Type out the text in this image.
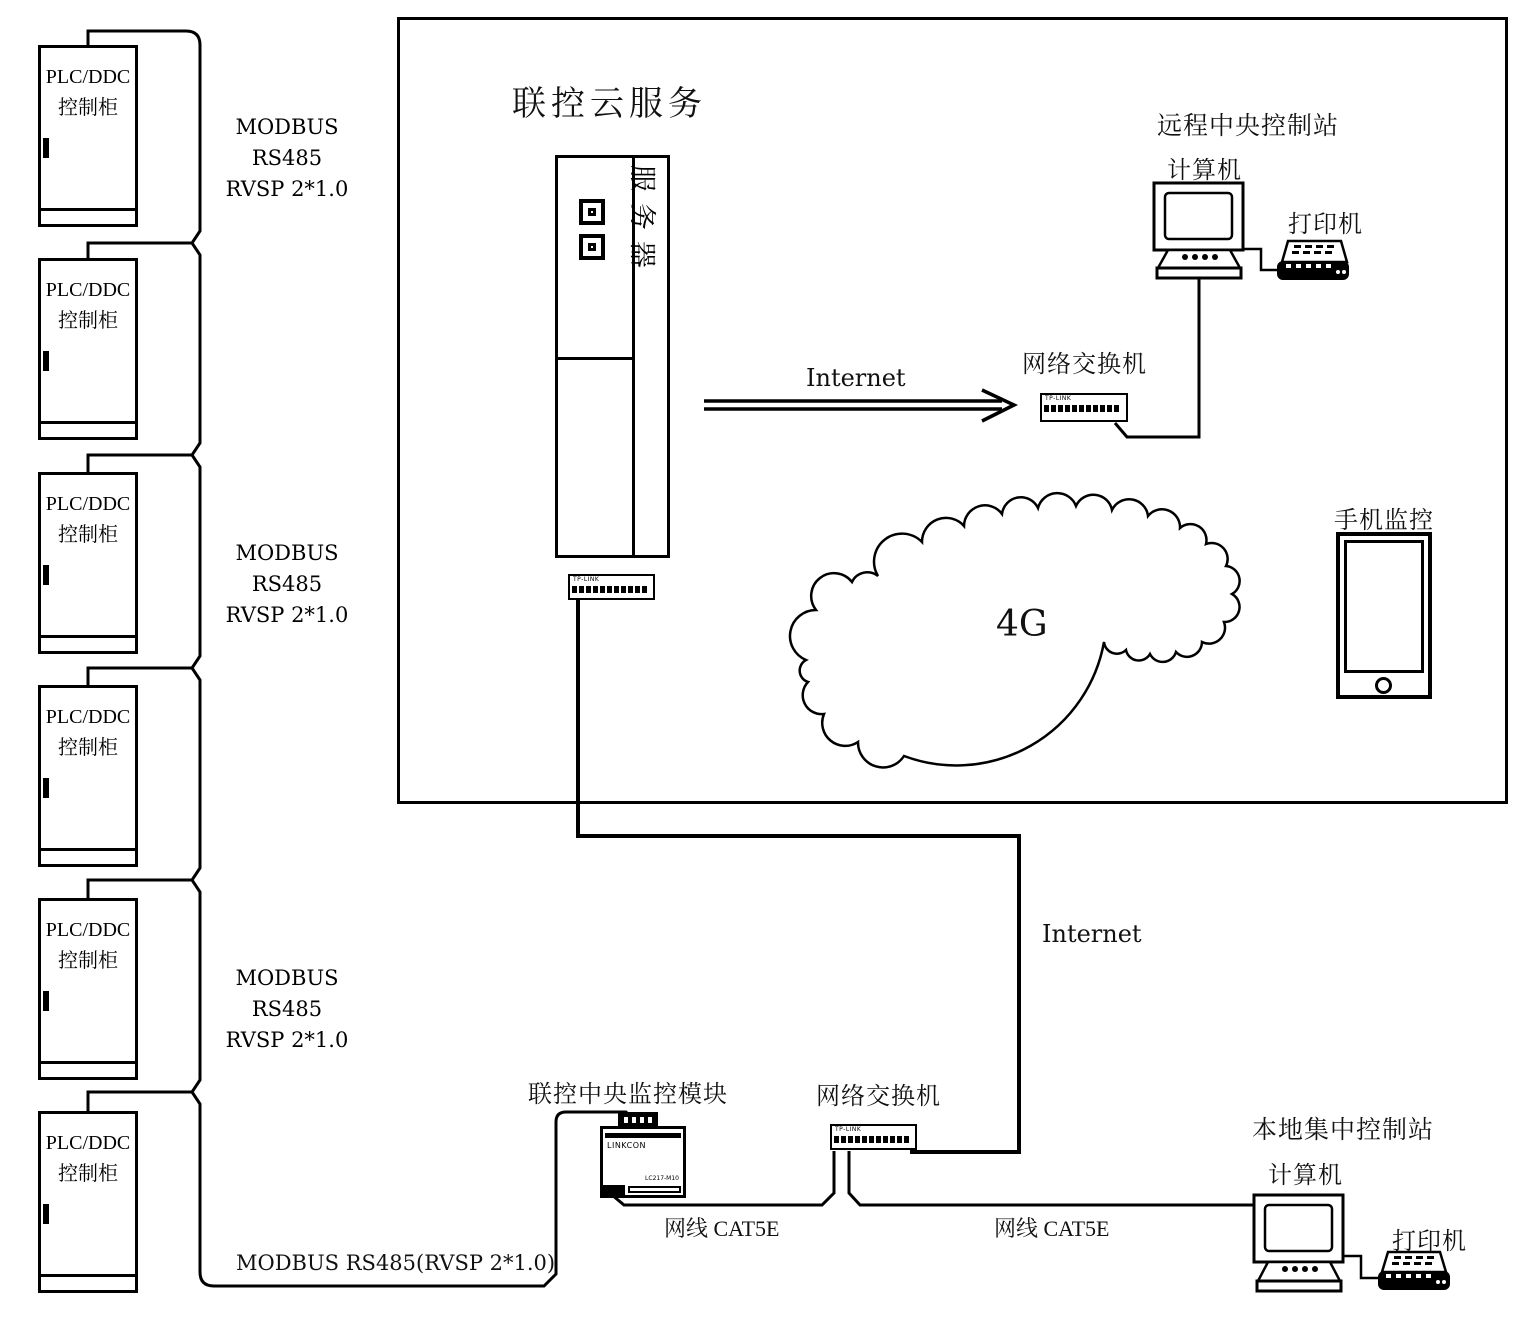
PLC/DDC
控制柜
PLC/DDC
控制柜
PLC/DDC
控制柜
PLC/DDC
控制柜
PLC/DDC
控制柜
PLC/DDC
控制柜
MODBUS RS485
RVSP 2*1.0
MODBUS RS485
RVSP 2*1.0
MODBUS RS485
RVSP 2*1.0
MODBUS RS485(RVSP 2*1.0)
联控云服务
服务器
TP-LINK
Internet	网络交换机
TP-LINK
远程中央控制站
计算机
打印机
4G
手机监控
Internet
联控中央监控模块
LINKCON
LC217-M10
网络交换机
TP-LINK
网线 CAT5E	网线 CAT5E
本地集中控制站
计算机
打印机
